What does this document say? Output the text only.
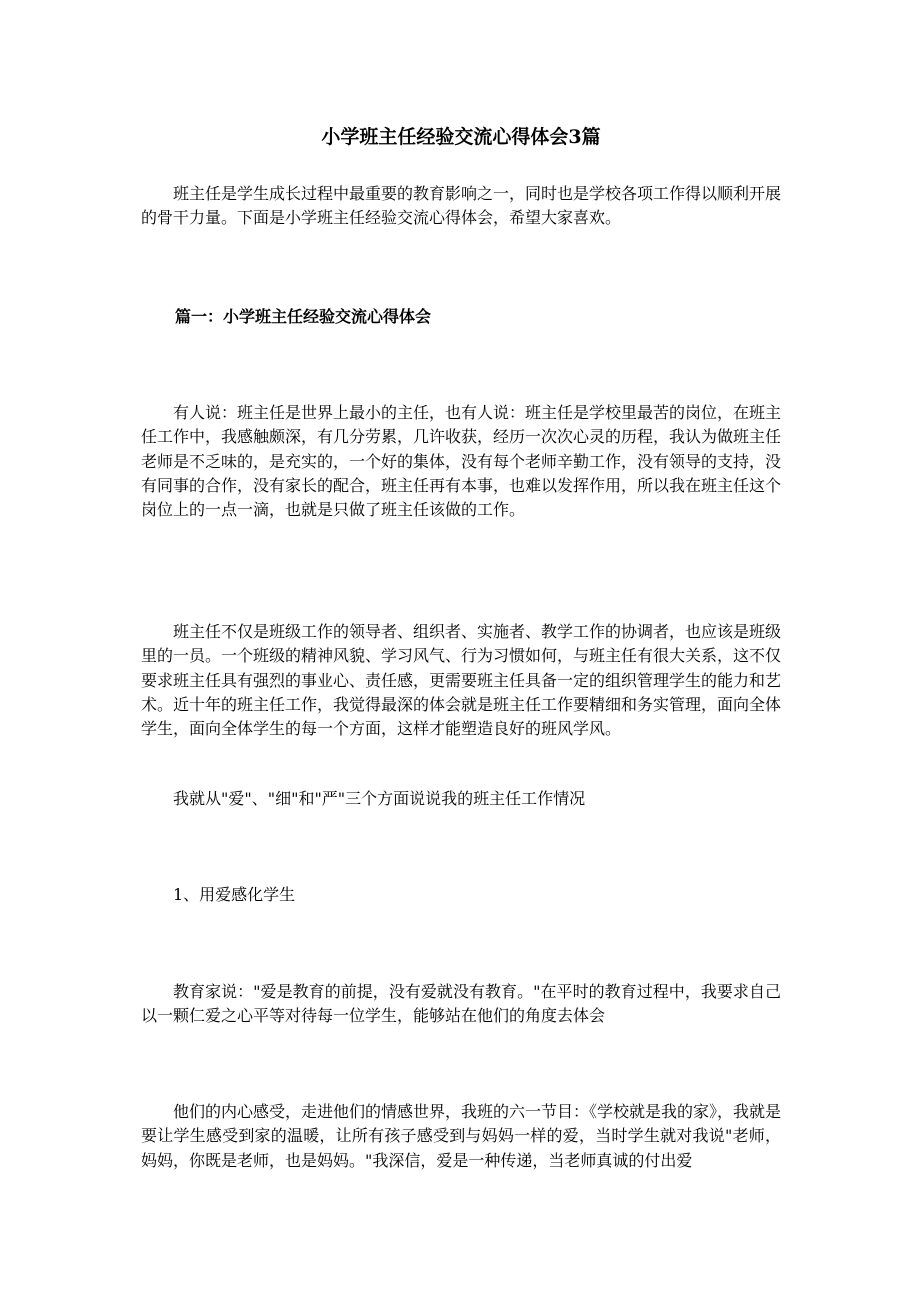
小学班主任经验交流心得体会3篇

班主任是学生成长过程中最重要的教育影响之一，同时也是学校各项工作得以顺利开展的骨干力量。下面是小学班主任经验交流心得体会，希望大家喜欢。

篇一：小学班主任经验交流心得体会

有人说：班主任是世界上最小的主任，也有人说：班主任是学校里最苦的岗位，在班主任工作中，我感触颇深，有几分劳累，几许收获，经历一次次心灵的历程，我认为做班主任老师是不乏味的，是充实的，一个好的集体，没有每个老师辛勤工作，没有领导的支持，没有同事的合作，没有家长的配合，班主任再有本事，也难以发挥作用，所以我在班主任这个岗位上的一点一滴，也就是只做了班主任该做的工作。

班主任不仅是班级工作的领导者、组织者、实施者、教学工作的协调者，也应该是班级里的一员。一个班级的精神风貌、学习风气、行为习惯如何，与班主任有很大关系，这不仅要求班主任具有强烈的事业心、责任感，更需要班主任具备一定的组织管理学生的能力和艺术。近十年的班主任工作，我觉得最深的体会就是班主任工作要精细和务实管理，面向全体学生，面向全体学生的每一个方面，这样才能塑造良好的班风学风。

我就从"爱"、"细"和"严"三个方面说说我的班主任工作情况

1、用爱感化学生

教育家说："爱是教育的前提，没有爱就没有教育。"在平时的教育过程中，我要求自己以一颗仁爱之心平等对待每一位学生，能够站在他们的角度去体会

他们的内心感受，走进他们的情感世界，我班的六一节目：《学校就是我的家》，我就是要让学生感受到家的温暖，让所有孩子感受到与妈妈一样的爱，当时学生就对我说"老师，妈妈，你既是老师，也是妈妈。"我深信，爱是一种传递，当老师真诚的付出爱
